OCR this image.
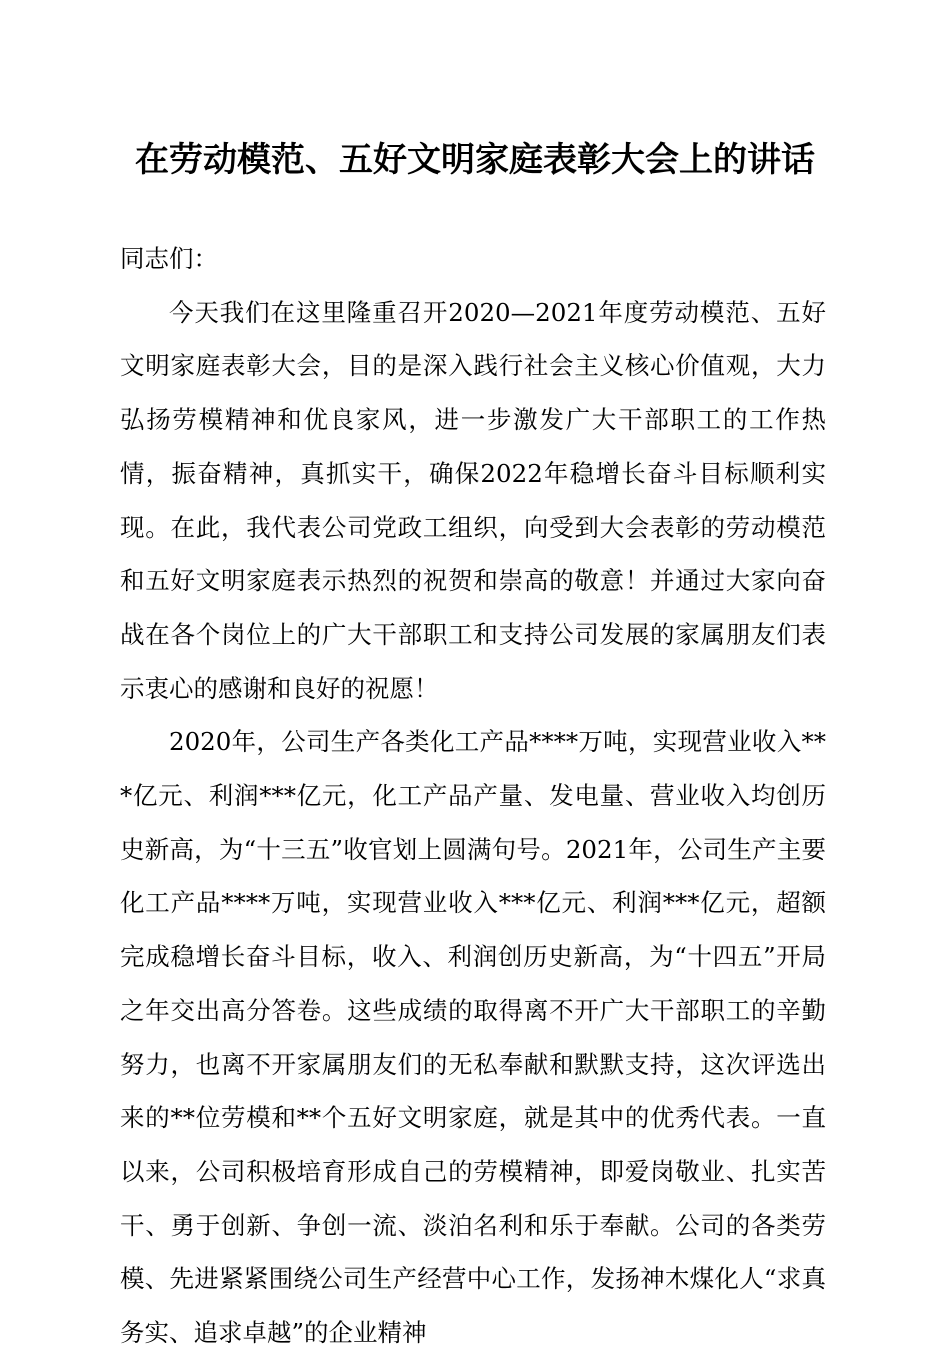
在劳动模范、五好文明家庭表彰大会上的讲话

同志们：

今天我们在这里隆重召开2020—2021年度劳动模范、五好文明家庭表彰大会，目的是深入践行社会主义核心价值观，大力弘扬劳模精神和优良家风，进一步激发广大干部职工的工作热情，振奋精神，真抓实干，确保2022年稳增长奋斗目标顺利实现。在此，我代表公司党政工组织，向受到大会表彰的劳动模范和五好文明家庭表示热烈的祝贺和崇高的敬意！并通过大家向奋战在各个岗位上的广大干部职工和支持公司发展的家属朋友们表示衷心的感谢和良好的祝愿！

2020年，公司生产各类化工产品****万吨，实现营业收入***亿元、利润***亿元，化工产品产量、发电量、营业收入均创历史新高，为“十三五”收官划上圆满句号。2021年，公司生产主要化工产品****万吨，实现营业收入***亿元、利润***亿元，超额完成稳增长奋斗目标，收入、利润创历史新高，为“十四五”开局之年交出高分答卷。这些成绩的取得离不开广大干部职工的辛勤努力，也离不开家属朋友们的无私奉献和默默支持，这次评选出来的**位劳模和**个五好文明家庭，就是其中的优秀代表。一直以来，公司积极培育形成自己的劳模精神，即爱岗敬业、扎实苦干、勇于创新、争创一流、淡泊名利和乐于奉献。公司的各类劳模、先进紧紧围绕公司生产经营中心工作，发扬神木煤化人“求真务实、追求卓越”的企业精神
